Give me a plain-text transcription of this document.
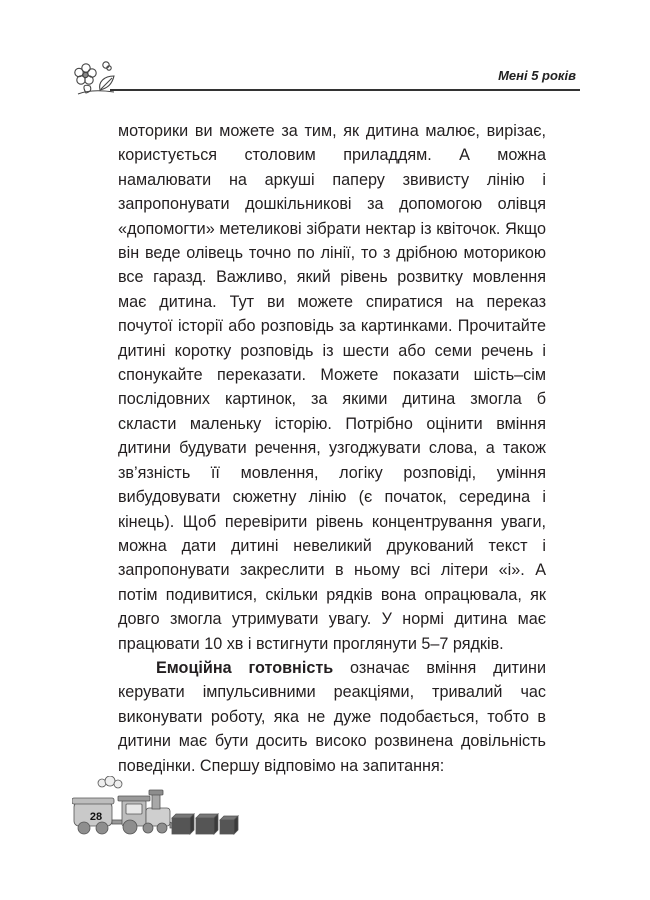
Мені 5 років

моторики ви можете за тим, як дитина малює, вирізає, користується столовим приладдям. А можна намалювати на аркуші паперу звивисту лінію і запропонувати дошкільникові за допомогою олівця «допомогти» метеликові зібрати нектар із квіточок. Якщо він веде олівець точно по лінії, то з дрібною моторикою все гаразд. Важливо, який рівень розвитку мовлення має дитина. Тут ви можете спиратися на переказ почутої історії або розповідь за картинками. Прочитайте дитині коротку розповідь із шести або семи речень і спонукайте переказати. Можете показати шість–сім послідовних картинок, за якими дитина змогла б скласти маленьку історію. Потрібно оцінити вміння дитини будувати речення, узгоджувати слова, а також зв’язність її мовлення, логіку розповіді, уміння вибудовувати сюжетну лінію (є початок, середина і кінець). Щоб перевірити рівень концентрування уваги, можна дати дитині невеликий друкований текст і запропонувати закреслити в ньому всі літери «і». А потім подивитися, скільки рядків вона опрацювала, як довго змогла утримувати увагу. У нормі дитина має працювати 10 хв і встигнути проглянути 5–7 рядків.

Емоційна готовність означає вміння дитини керувати імпульсивними реакціями, тривалий час виконувати роботу, яка не дуже подобається, тобто в дитини має бути досить високо розвинена довільність поведінки. Спершу відповімо на запитання:

28
